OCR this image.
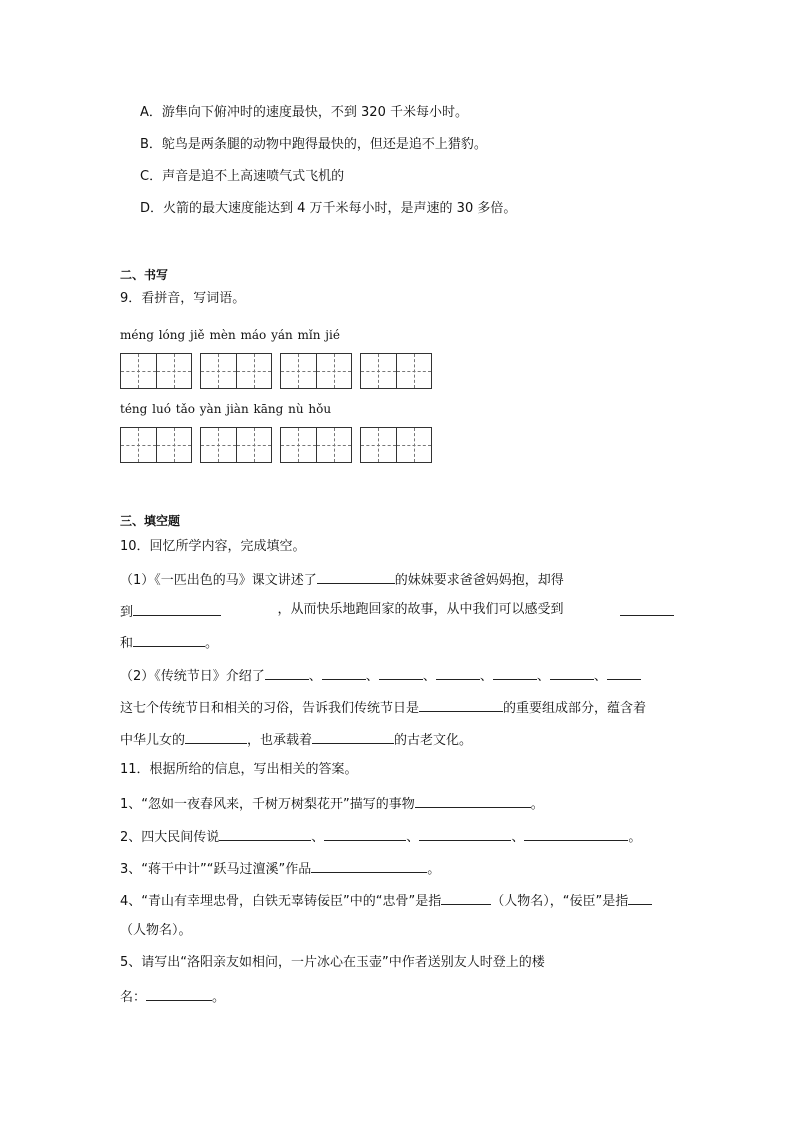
A．游隼向下俯冲时的速度最快，不到 320 千米每小时。
B．鸵鸟是两条腿的动物中跑得最快的，但还是追不上猎豹。
C．声音是追不上高速喷气式飞机的
D．火箭的最大速度能达到 4 万千米每小时，是声速的 30 多倍。
二、书写
9．看拼音，写词语。
méng lóng jiě mèn máo yán mǐn jié
téng luó tǎo yàn jiàn kāng nù hǒu
三、填空题
10．回忆所学内容，完成填空。
（1）《一匹出色的马》课文讲述了	的妹妹要求爸爸妈妈抱，却得
到	，从而快乐地跑回家的故事，从中我们可以感受到
和	。
（2）《传统节日》介绍了	、	、	、	、	、	、
这七个传统节日和相关的习俗，告诉我们传统节日是	的重要组成部分，蕴含着
中华儿女的	，也承载着	的古老文化。
11．根据所给的信息，写出相关的答案。
1、“忽如一夜春风来，千树万树梨花开”描写的事物	。
2、四大民间传说	、	、	、	。
3、“蒋干中计”“跃马过澶溪”作品	。
4、“青山有幸埋忠骨，白铁无辜铸佞臣”中的“忠骨”是指	（人物名），“佞臣”是指
（人物名）。
5、请写出“洛阳亲友如相问，一片冰心在玉壶”中作者送别友人时登上的楼
名：	。
